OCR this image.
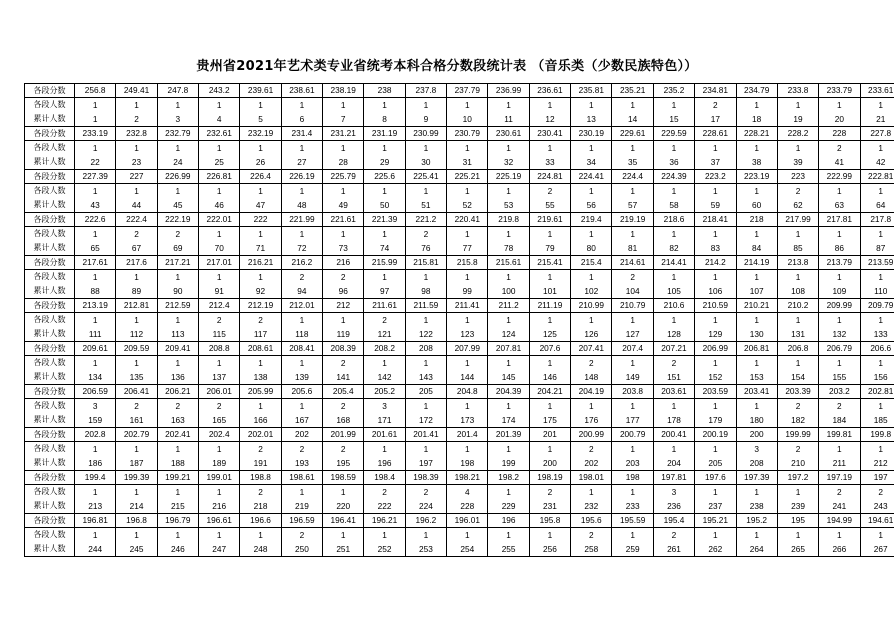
贵州省2021年艺术类专业省统考本科合格分数段统计表 （音乐类（少数民族特色））
各段分数	256.8	249.41	247.8	243.2	239.61	238.61	238.19	238	237.8	237.79	236.99	236.61	235.81	235.21	235.2	234.81	234.79	233.8	233.79	233.61
各段人数	1	1	1	1	1	1	1	1	1	1	1	1	1	1	1	2	1	1	1	1
累计人数	1	2	3	4	5	6	7	8	9	10	11	12	13	14	15	17	18	19	20	21
各段分数	233.19	232.8	232.79	232.61	232.19	231.4	231.21	231.19	230.99	230.79	230.61	230.41	230.19	229.61	229.59	228.61	228.21	228.2	228	227.8
各段人数	1	1	1	1	1	1	1	1	1	1	1	1	1	1	1	1	1	1	2	1
累计人数	22	23	24	25	26	27	28	29	30	31	32	33	34	35	36	37	38	39	41	42
各段分数	227.39	227	226.99	226.81	226.4	226.19	225.79	225.6	225.41	225.21	225.19	224.81	224.41	224.4	224.39	223.2	223.19	223	222.99	222.81
各段人数	1	1	1	1	1	1	1	1	1	1	1	2	1	1	1	1	1	2	1	1
累计人数	43	44	45	46	47	48	49	50	51	52	53	55	56	57	58	59	60	62	63	64
各段分数	222.6	222.4	222.19	222.01	222	221.99	221.61	221.39	221.2	220.41	219.8	219.61	219.4	219.19	218.6	218.41	218	217.99	217.81	217.8
各段人数	1	2	2	1	1	1	1	1	2	1	1	1	1	1	1	1	1	1	1	1
累计人数	65	67	69	70	71	72	73	74	76	77	78	79	80	81	82	83	84	85	86	87
各段分数	217.61	217.6	217.21	217.01	216.21	216.2	216	215.99	215.81	215.8	215.61	215.41	215.4	214.61	214.41	214.2	214.19	213.8	213.79	213.59
各段人数	1	1	1	1	1	2	2	1	1	1	1	1	1	2	1	1	1	1	1	1
累计人数	88	89	90	91	92	94	96	97	98	99	100	101	102	104	105	106	107	108	109	110
各段分数	213.19	212.81	212.59	212.4	212.19	212.01	212	211.61	211.59	211.41	211.2	211.19	210.99	210.79	210.6	210.59	210.21	210.2	209.99	209.79
各段人数	1	1	1	2	2	1	1	2	1	1	1	1	1	1	1	1	1	1	1	1
累计人数	111	112	113	115	117	118	119	121	122	123	124	125	126	127	128	129	130	131	132	133
各段分数	209.61	209.59	209.41	208.8	208.61	208.41	208.39	208.2	208	207.99	207.81	207.6	207.41	207.4	207.21	206.99	206.81	206.8	206.79	206.6
各段人数	1	1	1	1	1	1	2	1	1	1	1	1	2	1	2	1	1	1	1	1
累计人数	134	135	136	137	138	139	141	142	143	144	145	146	148	149	151	152	153	154	155	156
各段分数	206.59	206.41	206.21	206.01	205.99	205.6	205.4	205.2	205	204.8	204.39	204.21	204.19	203.8	203.61	203.59	203.41	203.39	203.2	202.81
各段人数	3	2	2	2	1	1	2	3	1	1	1	1	1	1	1	1	1	2	2	1
累计人数	159	161	163	165	166	167	168	171	172	173	174	175	176	177	178	179	180	182	184	185
各段分数	202.8	202.79	202.41	202.4	202.01	202	201.99	201.61	201.41	201.4	201.39	201	200.99	200.79	200.41	200.19	200	199.99	199.81	199.8
各段人数	1	1	1	1	2	2	2	1	1	1	1	1	2	1	1	1	3	2	1	1
累计人数	186	187	188	189	191	193	195	196	197	198	199	200	202	203	204	205	208	210	211	212
各段分数	199.4	199.39	199.21	199.01	198.8	198.61	198.59	198.4	198.39	198.21	198.2	198.19	198.01	198	197.81	197.6	197.39	197.2	197.19	197
各段人数	1	1	1	1	2	1	1	2	2	4	1	2	1	1	3	1	1	1	2	2
累计人数	213	214	215	216	218	219	220	222	224	228	229	231	232	233	236	237	238	239	241	243
各段分数	196.81	196.8	196.79	196.61	196.6	196.59	196.41	196.21	196.2	196.01	196	195.8	195.6	195.59	195.4	195.21	195.2	195	194.99	194.61
各段人数	1	1	1	1	1	2	1	1	1	1	1	1	2	1	2	1	1	1	1	1
累计人数	244	245	246	247	248	250	251	252	253	254	255	256	258	259	261	262	264	265	266	267
